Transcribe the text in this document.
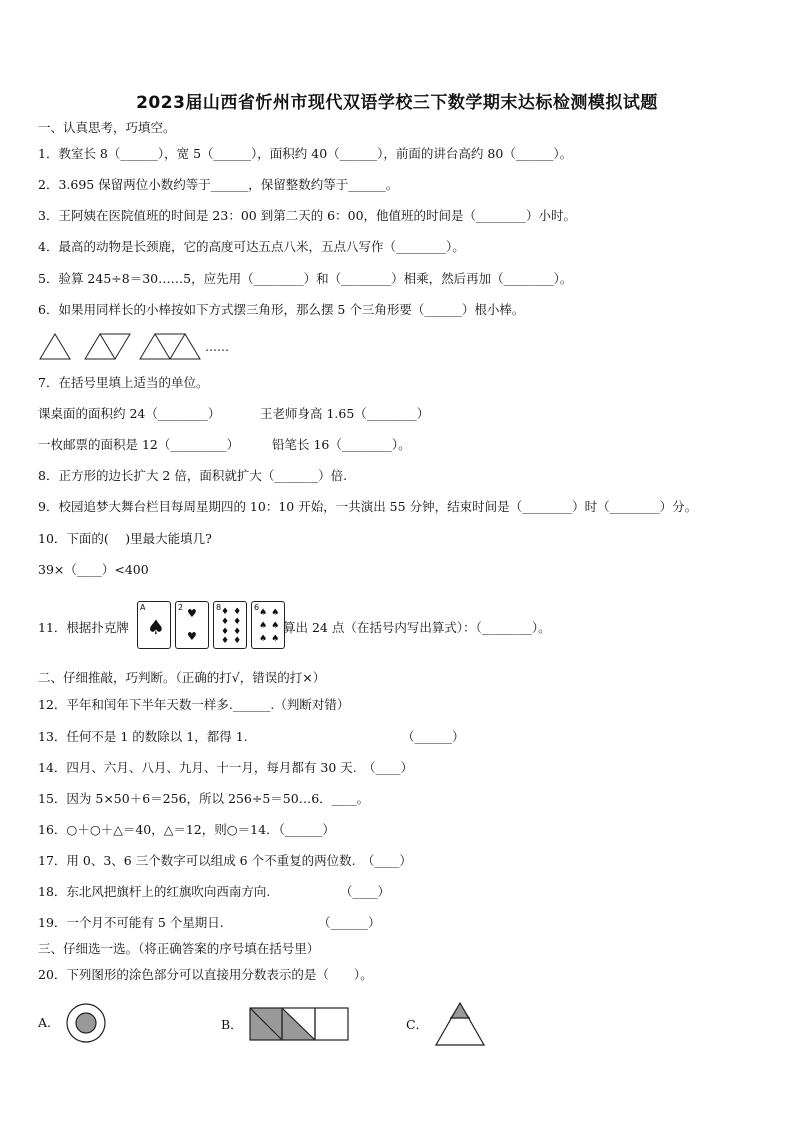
2023届山西省忻州市现代双语学校三下数学期末达标检测模拟试题
一、认真思考，巧填空。
1．教室长 8（______），宽 5（______），面积约 40（______），前面的讲台高约 80（______）。
2．3.695 保留两位小数约等于______，保留整数约等于______。
3．王阿姨在医院值班的时间是 23：00 到第二天的 6：00，他值班的时间是（________）小时。
4．最高的动物是长颈鹿，它的高度可达五点八米，五点八写作（________）。
5．验算 245÷8＝30……5，应先用（________）和（________）相乘，然后再加（________）。
6．如果用同样长的小棒按如下方式摆三角形，那么摆 5 个三角形要（______）根小棒。
……
7．在括号里填上适当的单位。
课桌面的面积约 24（________）	王老师身高 1.65（________）
一枚邮票的面积是 12（_________）	铅笔长 16（________）。
8．正方形的边长扩大 2 倍，面积就扩大（_______）倍.
9．校园追梦大舞台栏目每周星期四的 10：10 开始，一共演出 55 分钟，结束时间是（________）时（________）分。
10．下面的(　 )里最大能填几?
39×（____）<400
11．根据扑克牌
A
♠
2 ♥
♥
8 ♦♦
♦♦
♦♦
♦♦
6
♠♠
♠♠
♠♠
算出 24 点（在括号内写出算式）：（________）。
二、仔细推敲，巧判断。（正确的打√，错误的打×）
12．平年和闰年下半年天数一样多.______.（判断对错）
13．任何不是 1 的数除以 1，都得 1.	（______）
14．四月、六月、八月、九月、十一月，每月都有 30 天.　（____）
15．因为 5×50＋6＝256，所以 256÷5＝50…6．____。
16．○＋○＋△＝40，△＝12，则○＝14．（______）
17．用 0、3、6 三个数字可以组成 6 个不重复的两位数.　（____）
18．东北风把旗杆上的红旗吹向西南方向.	（____）
19．一个月不可能有 5 个星期日.	（______）
三、仔细选一选。（将正确答案的序号填在括号里）
20．下列图形的涂色部分可以直接用分数表示的是（　　）。
A.	B．	C．
